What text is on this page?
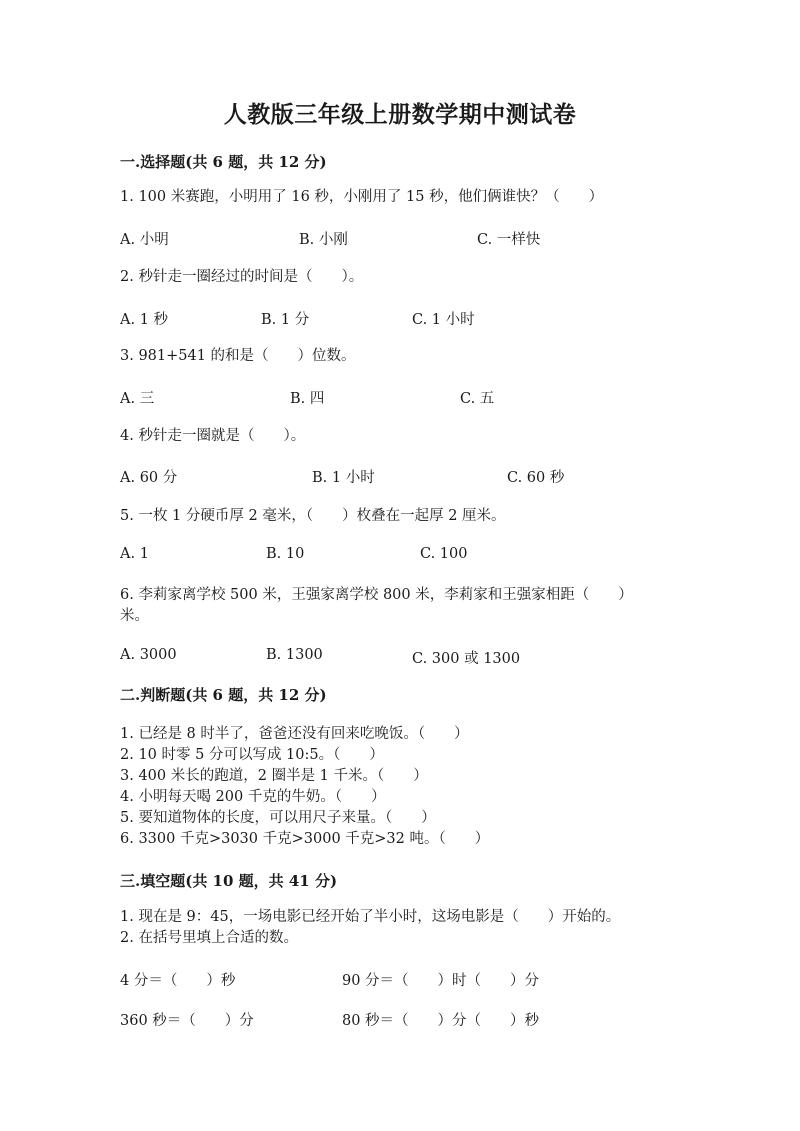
人教版三年级上册数学期中测试卷
一.选择题(共 6 题，共 12 分)
1. 100 米赛跑，小明用了 16 秒，小刚用了 15 秒，他们俩谁快？（　　）
A. 小明	B. 小刚	C. 一样快
2. 秒针走一圈经过的时间是（　　）。
A. 1 秒	B. 1 分	C. 1 小时
3. 981+541 的和是（　　）位数。
A. 三	B. 四	C. 五
4. 秒针走一圈就是（　　）。
A. 60 分	B. 1 小时	C. 60 秒
5. 一枚 1 分硬币厚 2 毫米，（　　）枚叠在一起厚 2 厘米。
A. 1	B. 10	C. 100
6. 李莉家离学校 500 米，王强家离学校 800 米，李莉家和王强家相距（　　）
米。
A. 3000	B. 1300	C. 300 或 1300
二.判断题(共 6 题，共 12 分)
1. 已经是 8 时半了，爸爸还没有回来吃晚饭。（　　）
2. 10 时零 5 分可以写成 10:5。（　　）
3. 400 米长的跑道，2 圈半是 1 千米。（　　）
4. 小明每天喝 200 千克的牛奶。（　　）
5. 要知道物体的长度，可以用尺子来量。（　　）
6. 3300 千克>3030 千克>3000 千克>32 吨。（　　）
三.填空题(共 10 题，共 41 分)
1. 现在是 9：45，一场电影已经开始了半小时，这场电影是（　　）开始的。
2. 在括号里填上合适的数。
4 分＝（　　）秒	90 分＝（　　）时（　　）分
360 秒＝（　　）分	80 秒＝（　　）分（　　）秒
